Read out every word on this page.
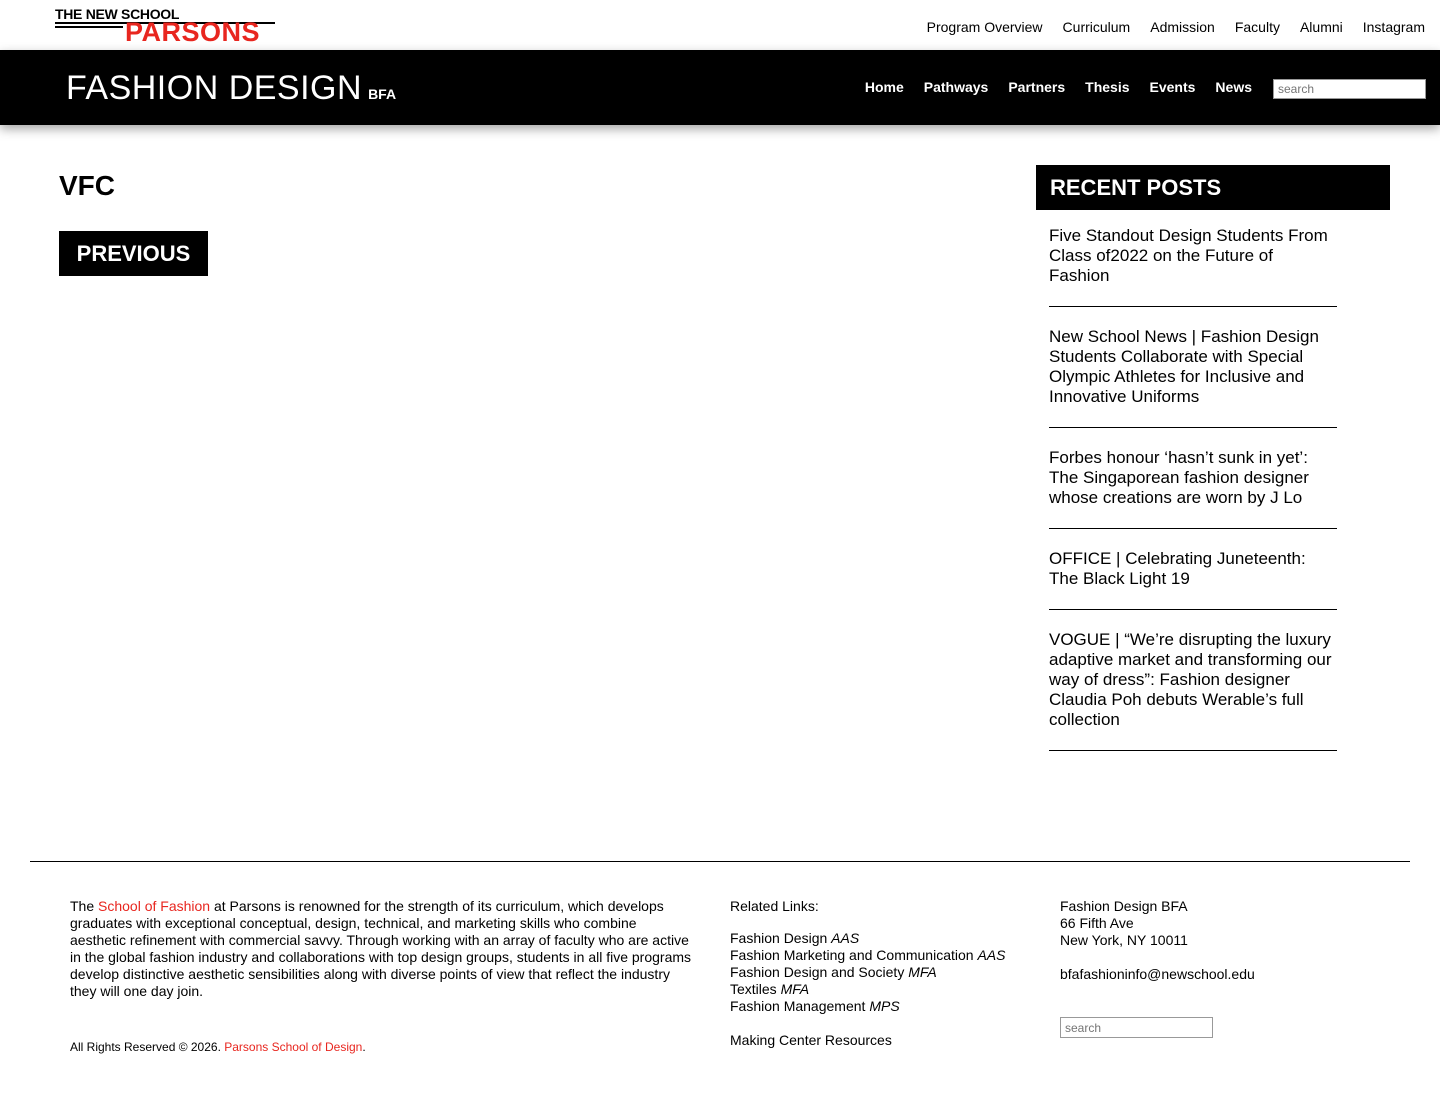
THE NEW SCHOOL
PARSONS	Program Overview Curriculum Admission Faculty Alumni Instagram
FASHION DESIGN BFA	Home Pathways Partners Thesis Events News
search
VFC
PREVIOUS
RECENT POSTS
Five Standout Design Students From Class of2022 on the Future of Fashion
New School News | Fashion Design Students Collaborate with Special Olympic Athletes for Inclusive and Innovative Uniforms
Forbes honour ‘hasn’t sunk in yet’: The Singaporean fashion designer whose creations are worn by J Lo
OFFICE | Celebrating Juneteenth: The Black Light 19
VOGUE | “We’re disrupting the luxury adaptive market and transforming our way of dress”: Fashion designer Claudia Poh debuts Werable’s full collection

The School of Fashion at Parsons is renowned for the strength of its curriculum, which develops graduates with exceptional conceptual, design, technical, and marketing skills who combine aesthetic refinement with commercial savvy. Through working with an array of faculty who are active in the global fashion industry and collaborations with top design groups, students in all five programs develop distinctive aesthetic sensibilities along with diverse points of view that reflect the industry they will one day join.

All Rights Reserved © 2026. Parsons School of Design.

Related Links:
Fashion Design AAS
Fashion Marketing and Communication AAS
Fashion Design and Society MFA
Textiles MFA
Fashion Management MPS
Making Center Resources
Fashion Design BFA
66 Fifth Ave
New York, NY 10011
bfafashioninfo@newschool.edu
search
